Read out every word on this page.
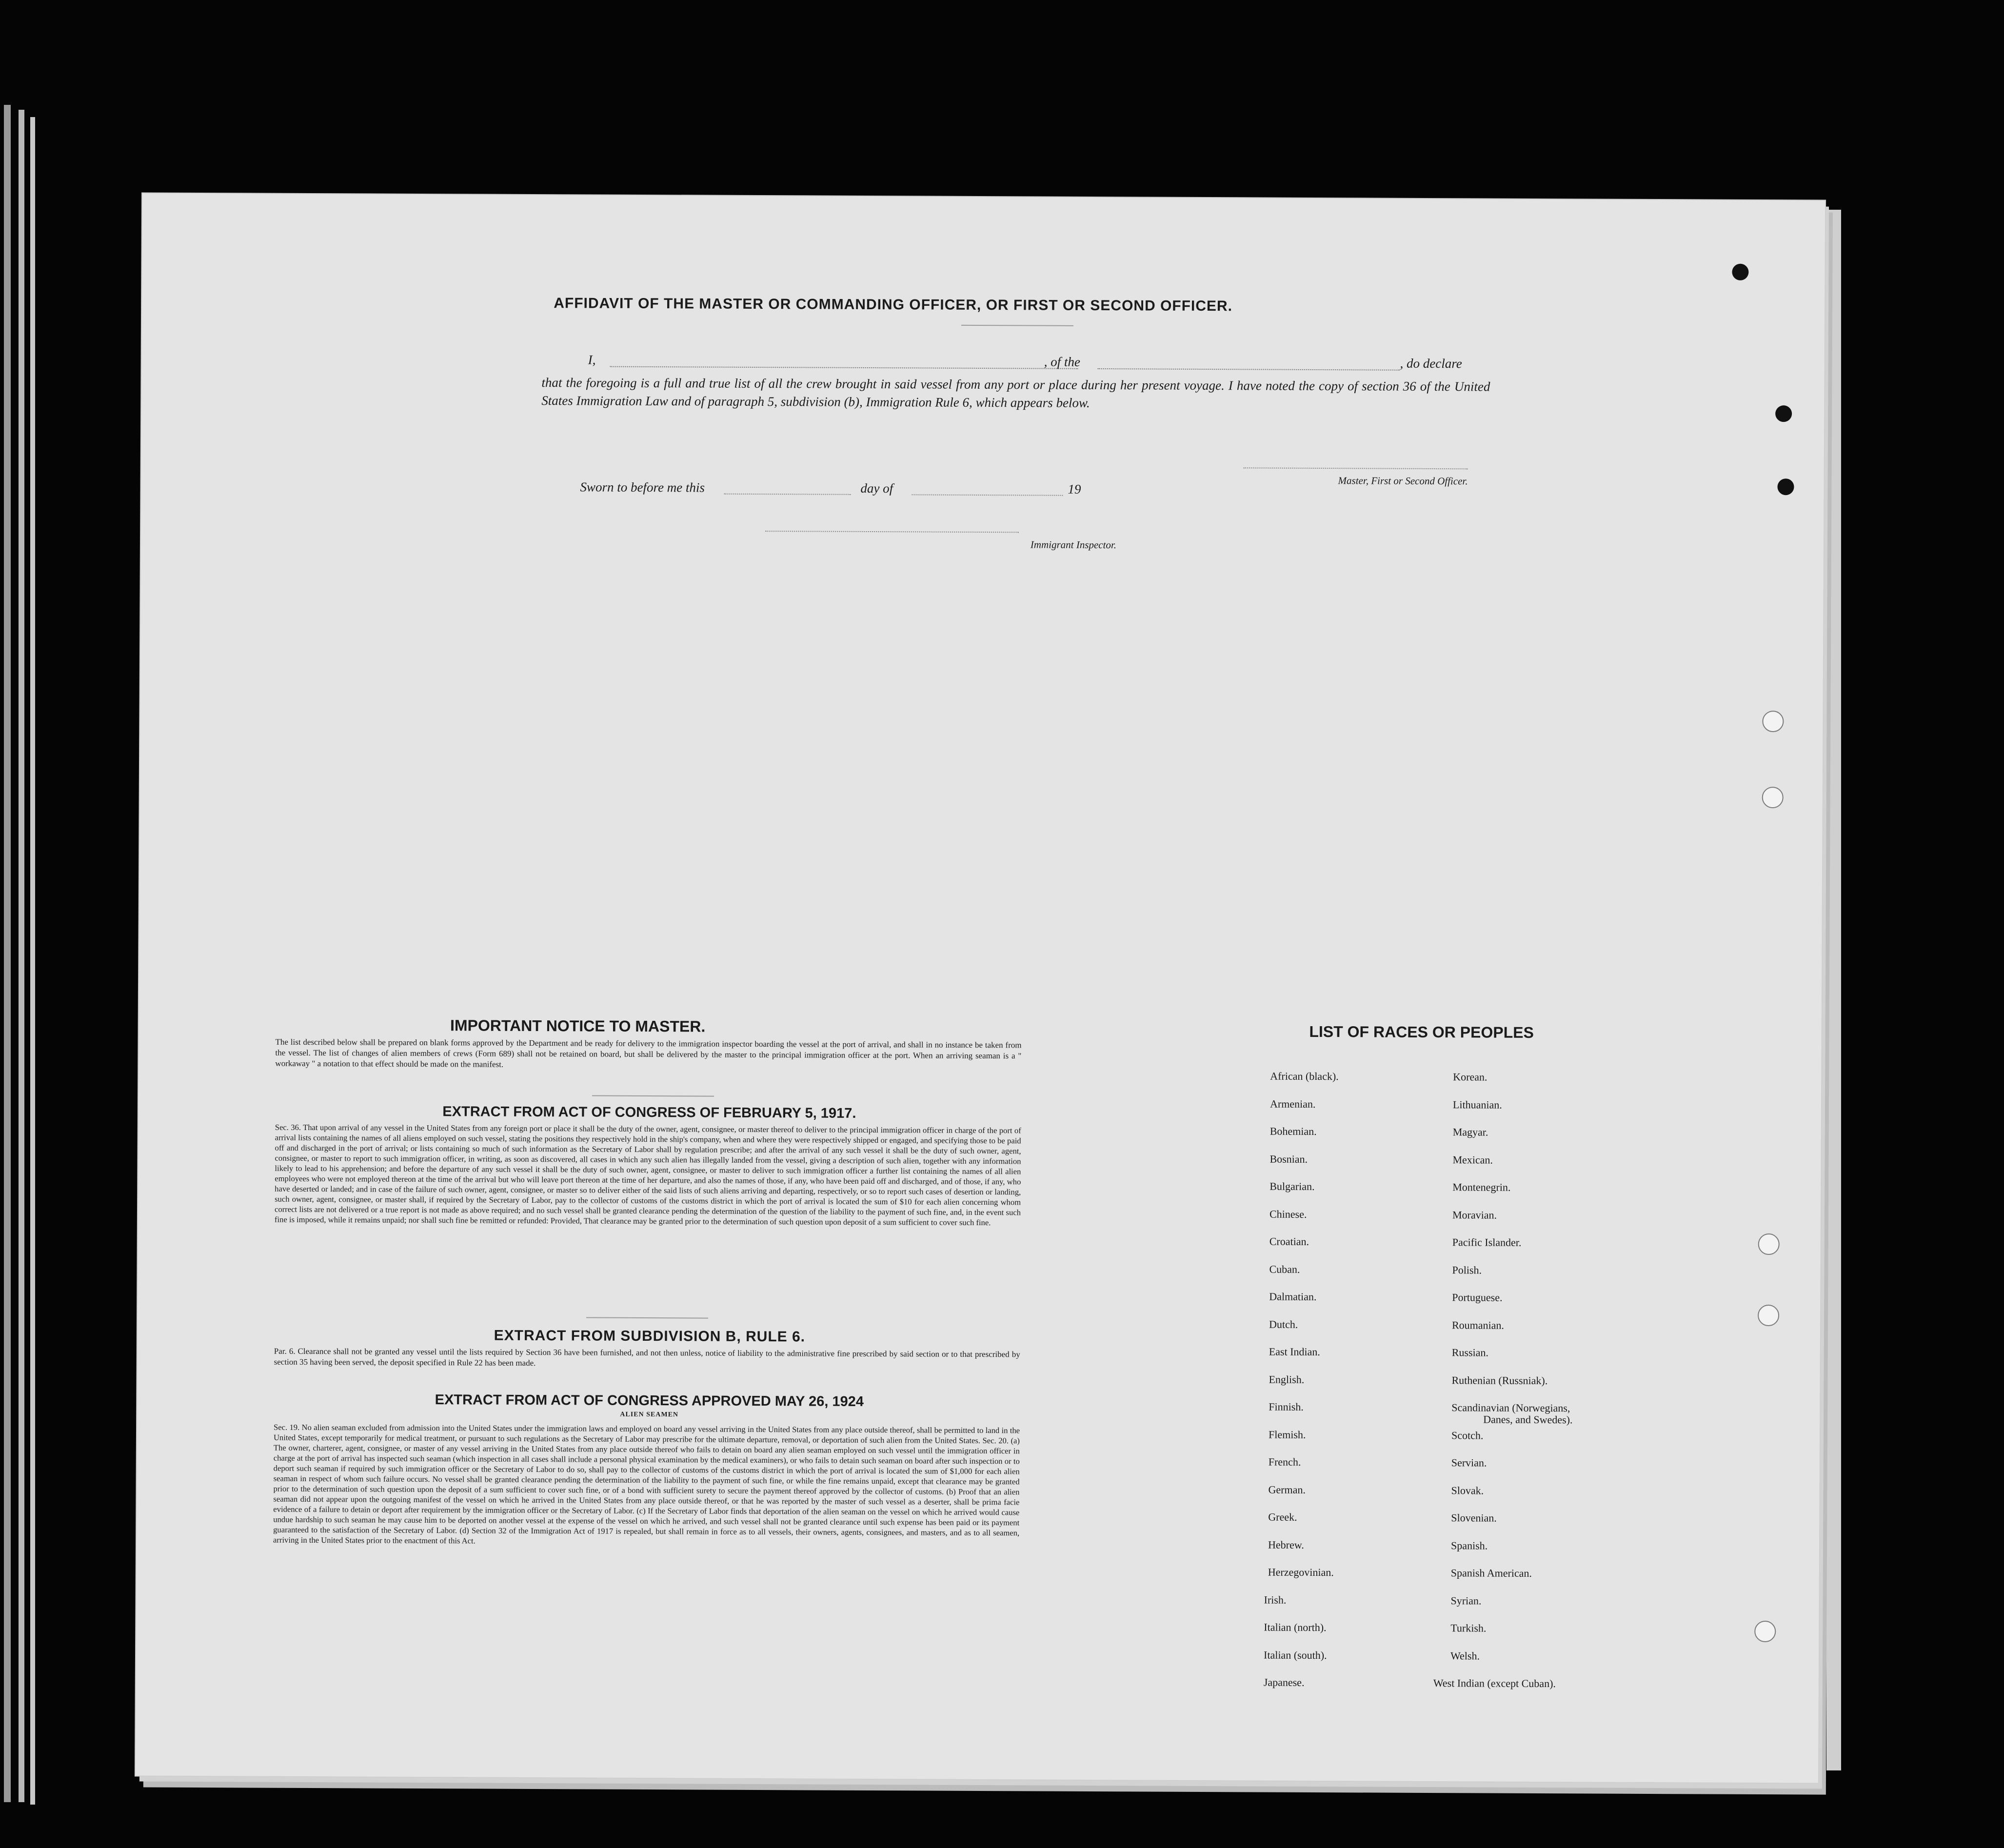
AFFIDAVIT OF THE MASTER OR COMMANDING OFFICER, OR FIRST OR SECOND OFFICER.
I,	, of the	, do declare
that the foregoing is a full and true list of all the crew brought in said vessel from any port or place during her present voyage. I have noted the copy of section 36 of the United States Immigration Law and of paragraph 5, subdivision (b), Immigration Rule 6, which appears below.
Master, First or Second Officer.
Sworn to before me this	day of	19
Immigrant Inspector.
IMPORTANT NOTICE TO MASTER.
The list described below shall be prepared on blank forms approved by the Department and be ready for delivery to the immigration inspector boarding the vessel at the port of arrival, and shall in no instance be taken from the vessel. The list of changes of alien members of crews (Form 689) shall not be retained on board, but shall be delivered by the master to the principal immigration officer at the port. When an arriving seaman is a " workaway " a notation to that effect should be made on the manifest.
EXTRACT FROM ACT OF CONGRESS OF FEBRUARY 5, 1917.
Sec. 36. That upon arrival of any vessel in the United States from any foreign port or place it shall be the duty of the owner, agent, consignee, or master thereof to deliver to the principal immigration officer in charge of the port of arrival lists containing the names of all aliens employed on such vessel, stating the positions they respectively hold in the ship's company, when and where they were respectively shipped or engaged, and specifying those to be paid off and discharged in the port of arrival; or lists containing so much of such information as the Secretary of Labor shall by regulation prescribe; and after the arrival of any such vessel it shall be the duty of such owner, agent, consignee, or master to report to such immigration officer, in writing, as soon as discovered, all cases in which any such alien has illegally landed from the vessel, giving a description of such alien, together with any information likely to lead to his apprehension; and before the departure of any such vessel it shall be the duty of such owner, agent, consignee, or master to deliver to such immigration officer a further list containing the names of all alien employees who were not employed thereon at the time of the arrival but who will leave port thereon at the time of her departure, and also the names of those, if any, who have been paid off and discharged, and of those, if any, who have deserted or landed; and in case of the failure of such owner, agent, consignee, or master so to deliver either of the said lists of such aliens arriving and departing, respectively, or so to report such cases of desertion or landing, such owner, agent, consignee, or master shall, if required by the Secretary of Labor, pay to the collector of customs of the customs district in which the port of arrival is located the sum of $10 for each alien concerning whom correct lists are not delivered or a true report is not made as above required; and no such vessel shall be granted clearance pending the determination of the question of the liability to the payment of such fine, and, in the event such fine is imposed, while it remains unpaid; nor shall such fine be remitted or refunded: Provided, That clearance may be granted prior to the determination of such question upon deposit of a sum sufficient to cover such fine.
EXTRACT FROM SUBDIVISION B, RULE 6.
Par. 6. Clearance shall not be granted any vessel until the lists required by Section 36 have been furnished, and not then unless, notice of liability to the administrative fine prescribed by said section or to that prescribed by section 35 having been served, the deposit specified in Rule 22 has been made.
EXTRACT FROM ACT OF CONGRESS APPROVED MAY 26, 1924
ALIEN SEAMEN
Sec. 19. No alien seaman excluded from admission into the United States under the immigration laws and employed on board any vessel arriving in the United States from any place outside thereof, shall be permitted to land in the United States, except temporarily for medical treatment, or pursuant to such regulations as the Secretary of Labor may prescribe for the ultimate departure, removal, or deportation of such alien from the United States. Sec. 20. (a) The owner, charterer, agent, consignee, or master of any vessel arriving in the United States from any place outside thereof who fails to detain on board any alien seaman employed on such vessel until the immigration officer in charge at the port of arrival has inspected such seaman (which inspection in all cases shall include a personal physical examination by the medical examiners), or who fails to detain such seaman on board after such inspection or to deport such seaman if required by such immigration officer or the Secretary of Labor to do so, shall pay to the collector of customs of the customs district in which the port of arrival is located the sum of $1,000 for each alien seaman in respect of whom such failure occurs. No vessel shall be granted clearance pending the determination of the liability to the payment of such fine, or while the fine remains unpaid, except that clearance may be granted prior to the determination of such question upon the deposit of a sum sufficient to cover such fine, or of a bond with sufficient surety to secure the payment thereof approved by the collector of customs. (b) Proof that an alien seaman did not appear upon the outgoing manifest of the vessel on which he arrived in the United States from any place outside thereof, or that he was reported by the master of such vessel as a deserter, shall be prima facie evidence of a failure to detain or deport after requirement by the immigration officer or the Secretary of Labor. (c) If the Secretary of Labor finds that deportation of the alien seaman on the vessel on which he arrived would cause undue hardship to such seaman he may cause him to be deported on another vessel at the expense of the vessel on which he arrived, and such vessel shall not be granted clearance until such expense has been paid or its payment guaranteed to the satisfaction of the Secretary of Labor. (d) Section 32 of the Immigration Act of 1917 is repealed, but shall remain in force as to all vessels, their owners, agents, consignees, and masters, and as to all seamen, arriving in the United States prior to the enactment of this Act.
LIST OF RACES OR PEOPLES
African (black).
Armenian.
Bohemian.
Bosnian.
Bulgarian.
Chinese.
Croatian.
Cuban.
Dalmatian.
Dutch.
East Indian.
English.
Finnish.
Flemish.
French.
German.
Greek.
Hebrew.
Herzegovinian.
Irish.
Italian (north).
Italian (south).
Japanese.
Korean.
Lithuanian.
Magyar.
Mexican.
Montenegrin.
Moravian.
Pacific Islander.
Polish.
Portuguese.
Roumanian.
Russian.
Ruthenian (Russniak).
Scandinavian (Norwegians,
Danes, and Swedes).
Scotch.
Servian.
Slovak.
Slovenian.
Spanish.
Spanish American.
Syrian.
Turkish.
Welsh.
West Indian (except Cuban).
